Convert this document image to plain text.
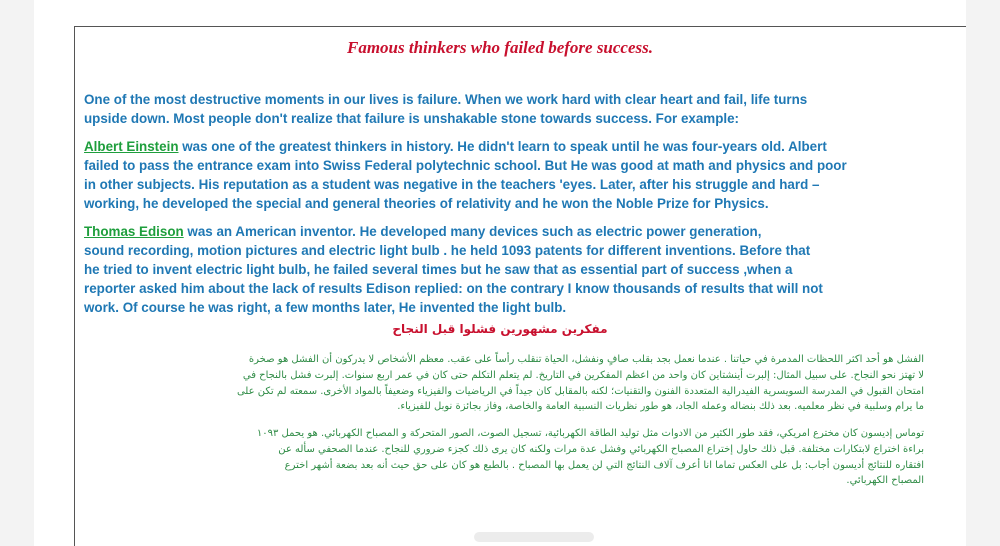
Famous thinkers who failed before success.
One of the most destructive moments in our lives is failure. When we work hard with clear heart and fail, life turns
upside down. Most people don't realize that failure is unshakable stone towards success. For example:
Albert Einstein was one of the greatest thinkers in history. He didn't learn to speak until he was four-years old. Albert
failed to pass the entrance exam into Swiss Federal polytechnic school. But He was good at math and physics and poor
in other subjects. His reputation as a student was negative in the teachers 'eyes. Later, after his struggle and hard –
working, he developed the special and general theories of relativity and he won the Noble Prize for Physics.
Thomas Edison was an American inventor. He developed many devices such as electric power generation,
sound recording, motion pictures and electric light bulb . he held 1093 patents for different inventions. Before that
he tried to invent electric light bulb, he failed several times but he saw that as essential part of success ,when a
reporter asked him about the lack of results Edison replied: on the contrary I know thousands of results that will not
work. Of course he was right, a few months later, He invented the light bulb.
مفكرين مشهورين فشلوا قبل النجاح
الفشل هو أحد اكثر اللحظات المدمرة في حياتنا . عندما نعمل بجد بقلب صافٍ ونفشل، الحياة تنقلب رأساً على عقب. معظم الأشخاص لا يدركون أن الفشل هو صخرة
لا تهتز نحو النجاح. على سبيل المثال: إلبرت أينشتاين كان واحد من اعظم المفكرين في التاريخ. لم يتعلم التكلم حتى كان في عمر اربع سنوات. إلبرت فشل بالنجاح في
امتحان القبول في المدرسة السويسرية الفيدرالية المتعددة الفنون والتقنيات؛ لكنه بالمقابل كان جيداً في الرياضيات والفيزياء وضعيفاً بالمواد الأخرى. سمعته لم تكن على
ما يرام وسلبية في نظر معلميه. بعد ذلك بنضاله وعمله الجاد، هو طور نظريات النسبية العامة والخاصة، وفاز بجائزة نوبل للفيزياء.
توماس إديسون كان مخترع امريكي، فقد طور الكثير من الادوات مثل توليد الطاقة الكهربائية، تسجيل الصوت، الصور المتحركة و المصباح الكهربائي. هو يحمل ١٠٩٣
براءة اختراع لابتكارات مختلفة. قبل ذلك حاول إختراع المصباح الكهربائي وفشل عدة مرات ولكنه كان يرى ذلك كجزء ضروري للنجاح. عندما الصحفي سأله عن
افتقاره للنتائج أديسون أجاب: بل على العكس تماما انا أعرف آلاف النتائج التي لن يعمل بها المصباح . بالطبع هو كان على حق حيث أنه بعد بضعة أشهر اخترع
المصباح الكهربائي.
